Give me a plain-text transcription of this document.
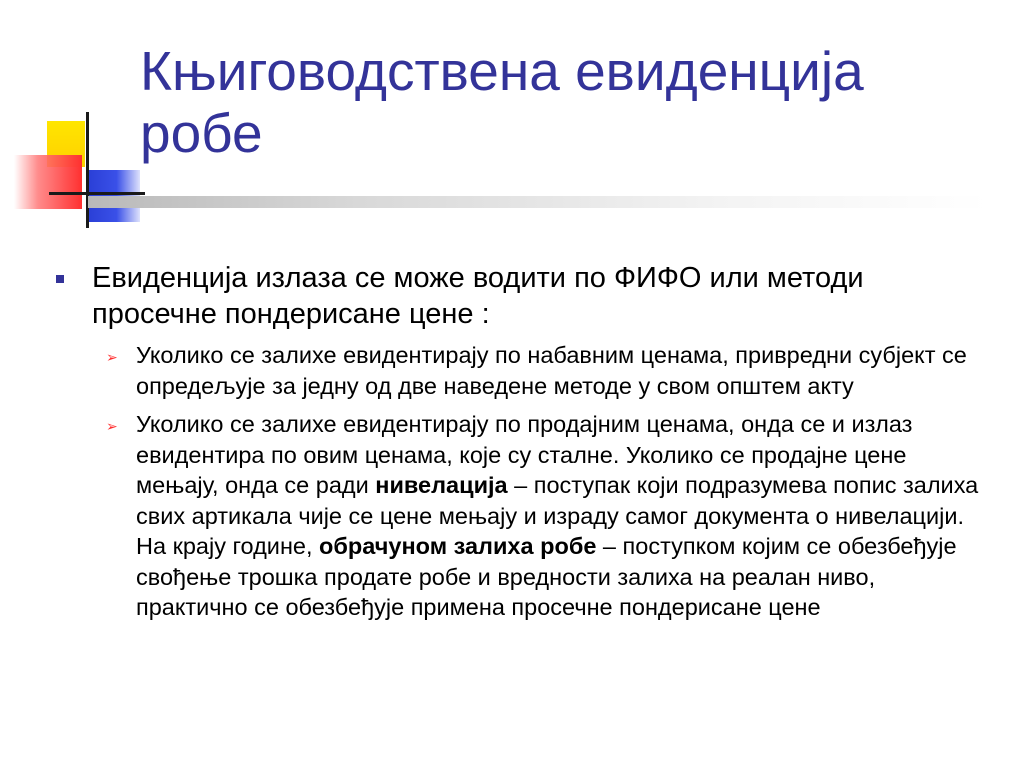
Књиговодствена евиденција робе
Евиденција излаза се може водити по ФИФО или методи просечне пондерисане цене :
➢ Уколико се залихе евидентирају по набавним ценама, привредни субјект се опредељује за једну од две наведене методе у свом општем акту
➢ Уколико се залихе евидентирају по продајним ценама, онда се и излаз евидентира по овим ценама, које су сталне. Уколико се продајне цене мењају, онда се ради нивелација – поступак који подразумева попис залиха свих артикала чије се цене мењају и израду самог документа о нивелацији. На крају године, обрачуном залиха робе – поступком којим се обезбеђује свођење трошка продате робе и вредности залиха на реалан ниво, практично се обезбеђује примена просечне пондерисане цене
